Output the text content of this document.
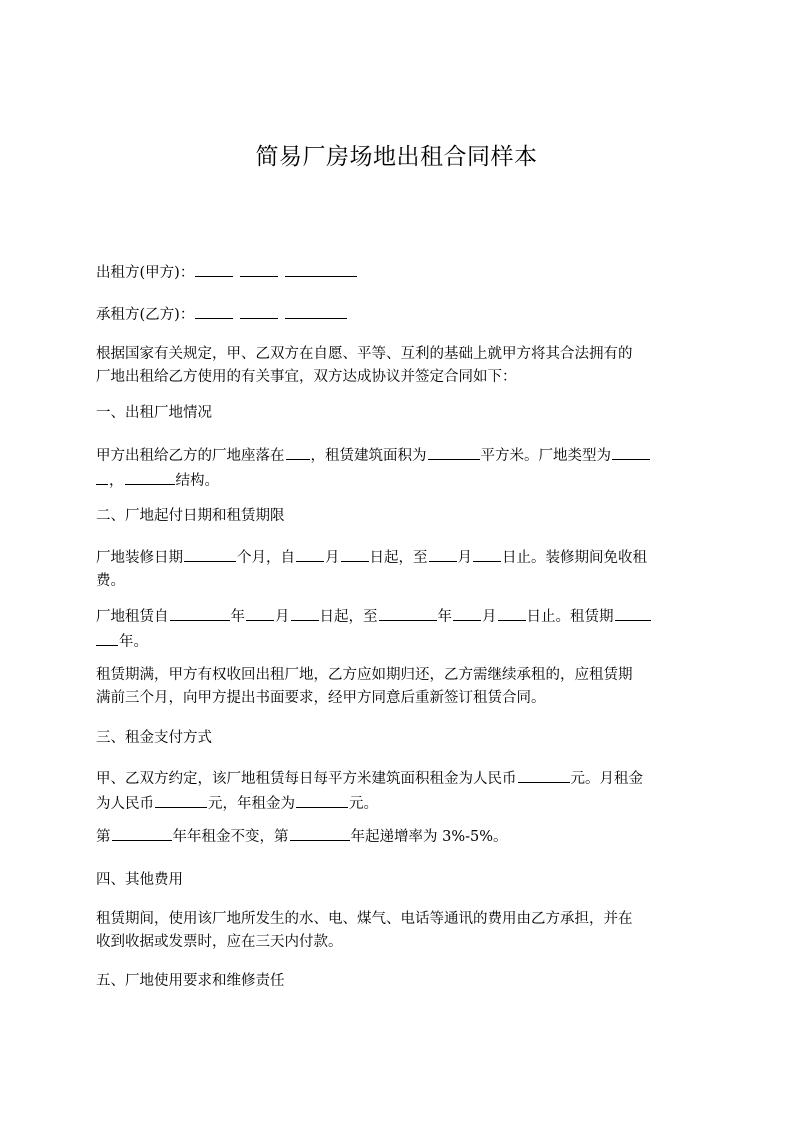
简易厂房场地出租合同样本
出租方(甲方)：
承租方(乙方)：
根据国家有关规定，甲、乙双方在自愿、平等、互利的基础上就甲方将其合法拥有的
厂地出租给乙方使用的有关事宜，双方达成协议并签定合同如下：
一、出租厂地情况
甲方出租给乙方的厂地座落在 ，租赁建筑面积为	平方米。厂地类型为
，	结构。
二、厂地起付日期和租赁期限
厂地装修日期	个月，自 月 日起，至 月 日止。装修期间免收租
费。
厂地租赁自	年 月 日起，至	年 月 日止。租赁期
年。
租赁期满，甲方有权收回出租厂地，乙方应如期归还，乙方需继续承租的，应租赁期
满前三个月，向甲方提出书面要求，经甲方同意后重新签订租赁合同。
三、租金支付方式
甲、乙双方约定，该厂地租赁每日每平方米建筑面积租金为人民币	元。月租金
为人民币	元，年租金为	元。
第	年年租金不变，第	年起递增率为 3%-5%。
四、其他费用
租赁期间，使用该厂地所发生的水、电、煤气、电话等通讯的费用由乙方承担，并在
收到收据或发票时，应在三天内付款。
五、厂地使用要求和维修责任
